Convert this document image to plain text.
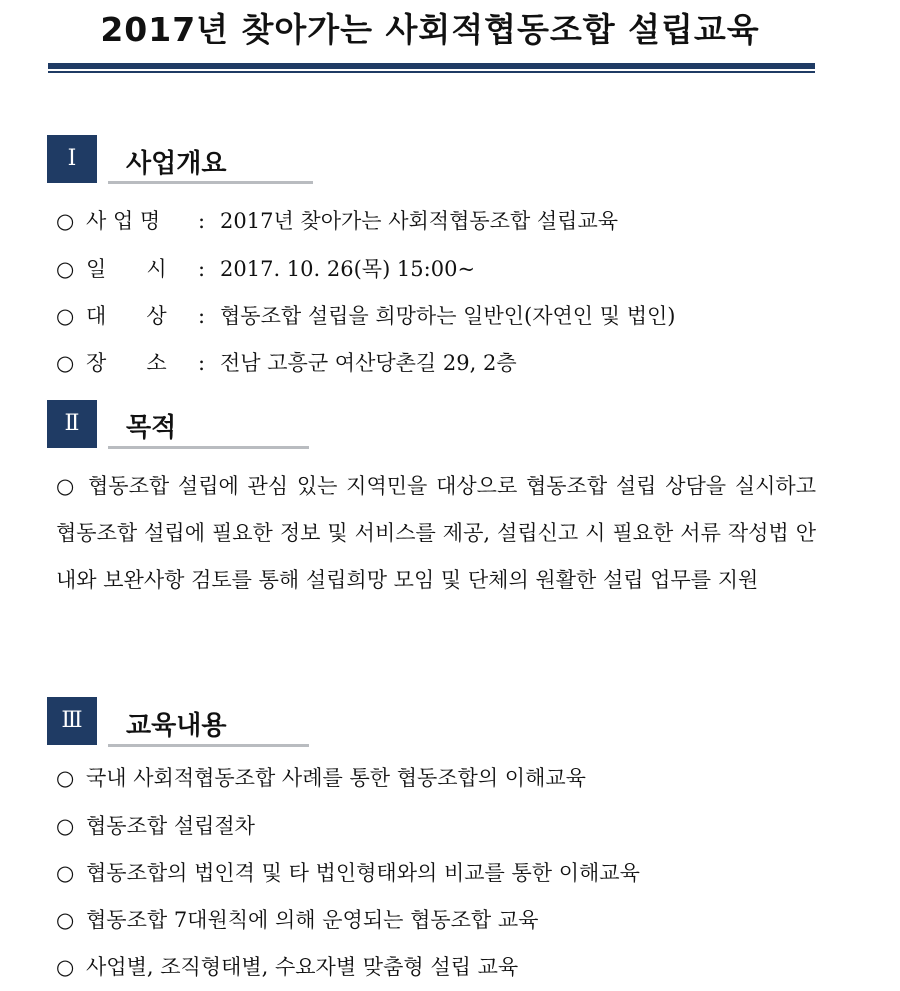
2017년 찾아가는 사회적협동조합 설립교육
Ⅰ	사업개요
○ 사 업 명 : 2017년 찾아가는 사회적협동조합 설립교육
○ 일      시 : 2017. 10. 26(목) 15:00~
○ 대      상 : 협동조합 설립을 희망하는 일반인(자연인 및 법인)
○ 장      소 : 전남 고흥군 여산당촌길 29, 2층
Ⅱ	목적
○ 협동조합 설립에 관심 있는 지역민을 대상으로 협동조합 설립 상담을 실시하고 협동조합 설립에 필요한 정보 및 서비스를 제공, 설립신고 시 필요한 서류 작성법 안내와 보완사항 검토를 통해 설립희망 모임 및 단체의 원활한 설립 업무를 지원
Ⅲ	교육내용
○ 국내 사회적협동조합 사례를 통한 협동조합의 이해교육
○ 협동조합 설립절차
○ 협동조합의 법인격 및 타 법인형태와의 비교를 통한 이해교육
○ 협동조합 7대원칙에 의해 운영되는 협동조합 교육
○ 사업별, 조직형태별, 수요자별 맞춤형 설립 교육
